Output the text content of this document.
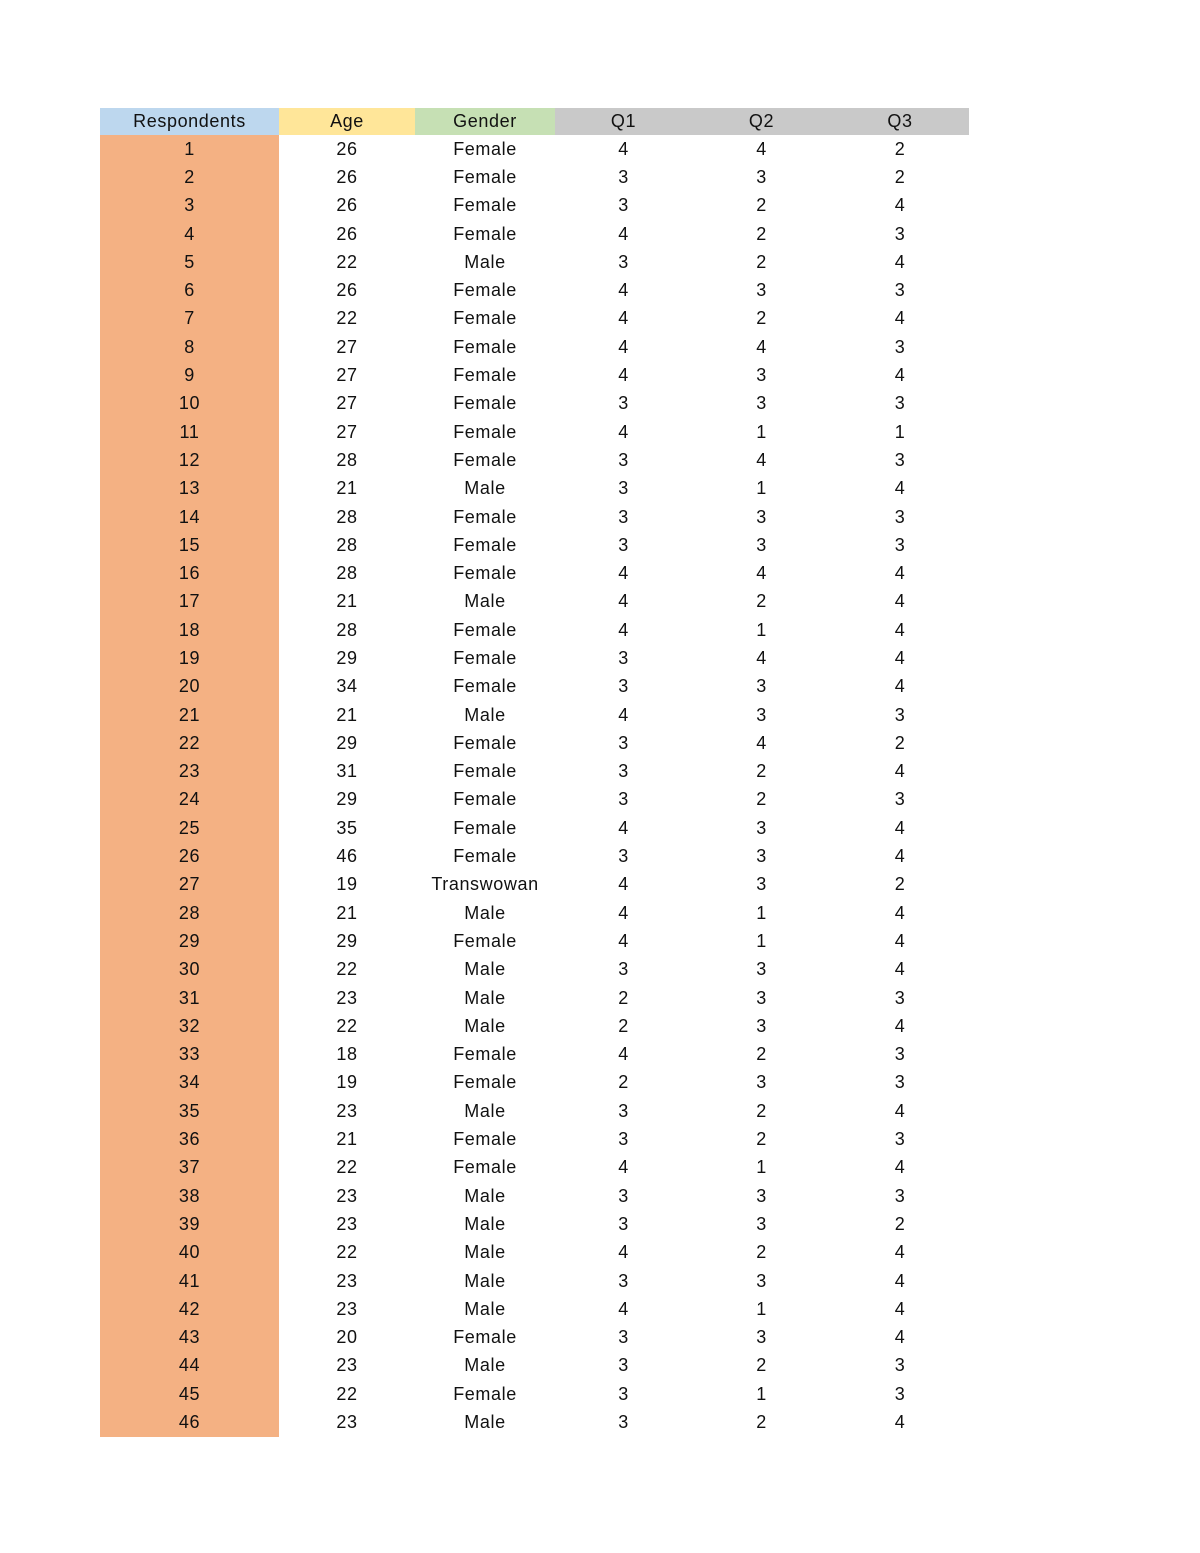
Respondents	Age	Gender	Q1	Q2	Q3
1	26	Female	4	4	2
2	26	Female	3	3	2
3	26	Female	3	2	4
4	26	Female	4	2	3
5	22	Male	3	2	4
6	26	Female	4	3	3
7	22	Female	4	2	4
8	27	Female	4	4	3
9	27	Female	4	3	4
10	27	Female	3	3	3
11	27	Female	4	1	1
12	28	Female	3	4	3
13	21	Male	3	1	4
14	28	Female	3	3	3
15	28	Female	3	3	3
16	28	Female	4	4	4
17	21	Male	4	2	4
18	28	Female	4	1	4
19	29	Female	3	4	4
20	34	Female	3	3	4
21	21	Male	4	3	3
22	29	Female	3	4	2
23	31	Female	3	2	4
24	29	Female	3	2	3
25	35	Female	4	3	4
26	46	Female	3	3	4
27	19	Transwowan	4	3	2
28	21	Male	4	1	4
29	29	Female	4	1	4
30	22	Male	3	3	4
31	23	Male	2	3	3
32	22	Male	2	3	4
33	18	Female	4	2	3
34	19	Female	2	3	3
35	23	Male	3	2	4
36	21	Female	3	2	3
37	22	Female	4	1	4
38	23	Male	3	3	3
39	23	Male	3	3	2
40	22	Male	4	2	4
41	23	Male	3	3	4
42	23	Male	4	1	4
43	20	Female	3	3	4
44	23	Male	3	2	3
45	22	Female	3	1	3
46	23	Male	3	2	4
